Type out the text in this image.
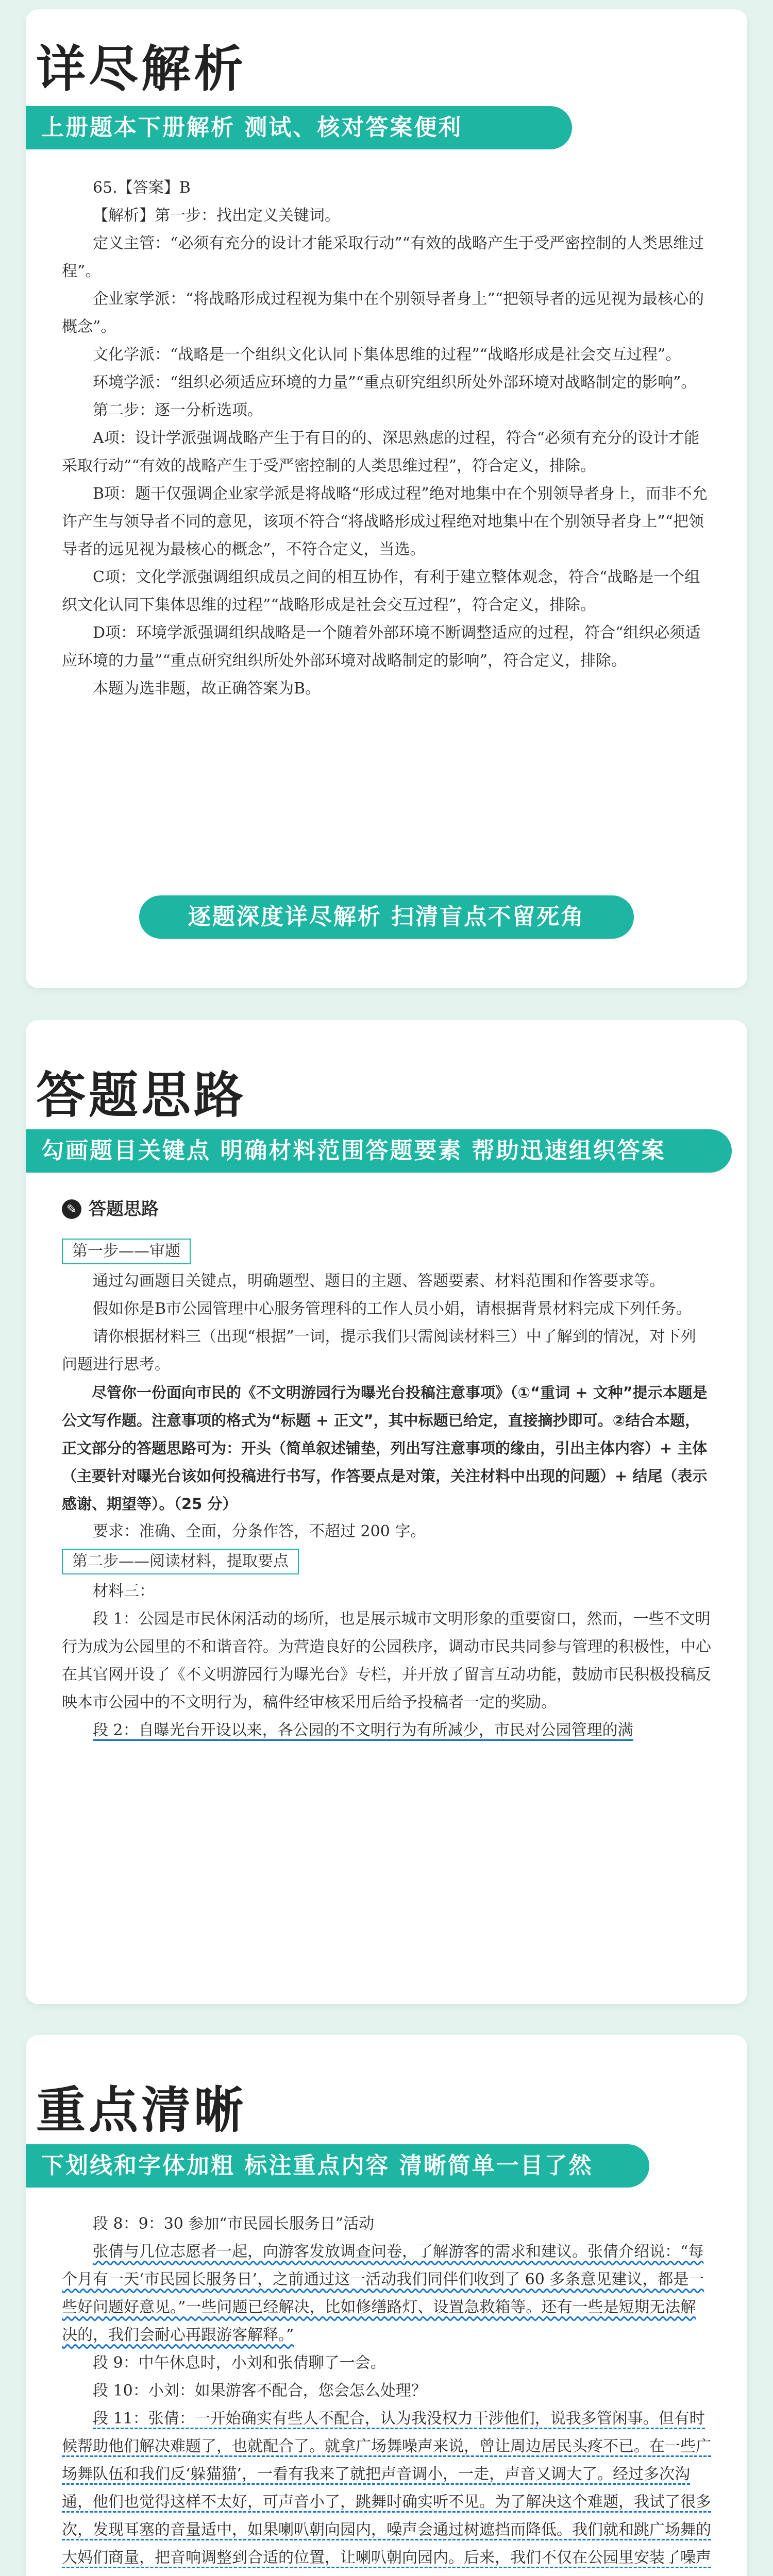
详尽解析
上册题本下册解析 测试、核对答案便利

65.【答案】B

【解析】第一步：找出定义关键词。

定义主管：“必须有充分的设计才能采取行动”“有效的战略产生于受严密控制的人类思维过程”。

企业家学派：“将战略形成过程视为集中在个别领导者身上”“把领导者的远见视为最核心的概念”。

文化学派：“战略是一个组织文化认同下集体思维的过程”“战略形成是社会交互过程”。

环境学派：“组织必须适应环境的力量”“重点研究组织所处外部环境对战略制定的影响”。

第二步：逐一分析选项。

A项：设计学派强调战略产生于有目的的、深思熟虑的过程，符合“必须有充分的设计才能采取行动”“有效的战略产生于受严密控制的人类思维过程”，符合定义，排除。

B项：题干仅强调企业家学派是将战略“形成过程”绝对地集中在个别领导者身上，而非不允许产生与领导者不同的意见，该项不符合“将战略形成过程绝对地集中在个别领导者身上”“把领导者的远见视为最核心的概念”，不符合定义，当选。

C项：文化学派强调组织成员之间的相互协作，有利于建立整体观念，符合“战略是一个组织文化认同下集体思维的过程”“战略形成是社会交互过程”，符合定义，排除。

D项：环境学派强调组织战略是一个随着外部环境不断调整适应的过程，符合“组织必须适应环境的力量”“重点研究组织所处外部环境对战略制定的影响”，符合定义，排除。

本题为选非题，故正确答案为B。

逐题深度详尽解析 扫清盲点不留死角
答题思路
勾画题目关键点 明确材料范围答题要素 帮助迅速组织答案
✎ 答题思路
第一步——审题

通过勾画题目关键点，明确题型、题目的主题、答题要素、材料范围和作答要求等。

假如你是B市公园管理中心服务管理科的工作人员小娟，请根据背景材料完成下列任务。

请你根据材料三（出现“根据”一词，提示我们只需阅读材料三）中了解到的情况，对下列问题进行思考。

尽管你一份面向市民的《不文明游园行为曝光台投稿注意事项》（①“重词 + 文种”提示本题是公文写作题。注意事项的格式为“标题 + 正文”，其中标题已给定，直接摘抄即可。②结合本题，正文部分的答题思路可为：开头（简单叙述铺垫，列出写注意事项的缘由，引出主体内容）+ 主体（主要针对曝光台该如何投稿进行书写，作答要点是对策，关注材料中出现的问题）+ 结尾（表示感谢、期望等）。（25 分）

要求：准确、全面，分条作答，不超过 200 字。

第二步——阅读材料，提取要点

材料三：

段 1：公园是市民休闲活动的场所，也是展示城市文明形象的重要窗口，然而，一些不文明行为成为公园里的不和谐音符。为营造良好的公园秩序，调动市民共同参与管理的积极性，中心在其官网开设了《不文明游园行为曝光台》专栏，并开放了留言互动功能，鼓励市民积极投稿反映本市公园中的不文明行为，稿件经审核采用后给予投稿者一定的奖励。

段 2：自曝光台开设以来，各公园的不文明行为有所减少，市民对公园管理的满

重点清晰
下划线和字体加粗 标注重点内容 清晰简单一目了然

段 8：9：30 参加“市民园长服务日”活动

张倩与几位志愿者一起，向游客发放调查问卷，了解游客的需求和建议。张倩介绍说：“每个月有一天‘市民园长服务日’，之前通过这一活动我们同伴们收到了 60 多条意见建议，都是一些好问题好意见。”一些问题已经解决，比如修缮路灯、设置急救箱等。还有一些是短期无法解决的，我们会耐心再跟游客解释。”

段 9：中午休息时，小刘和张倩聊了一会。

段 10：小刘：如果游客不配合，您会怎么处理？

段 11：张倩：一开始确实有些人不配合，认为我没权力干涉他们，说我多管闲事。但有时候帮助他们解决难题了，也就配合了。就拿广场舞噪声来说，曾让周边居民头疼不已。在一些广场舞队伍和我们反‘躲猫猫’，一看有我来了就把声音调小，一走，声音又调大了。经过多次沟通，他们也觉得这样不太好，可声音小了，跳舞时确实听不见。为了解决这个难题，我试了很多次，发现耳塞的音量适中，如果喇叭朝向园内，噪声会通过树遮挡而降低。我们就和跳广场舞的大妈们商量，把音响调整到合适的位置，让喇叭朝向园内。后来，我们不仅在公园里安装了噪声
